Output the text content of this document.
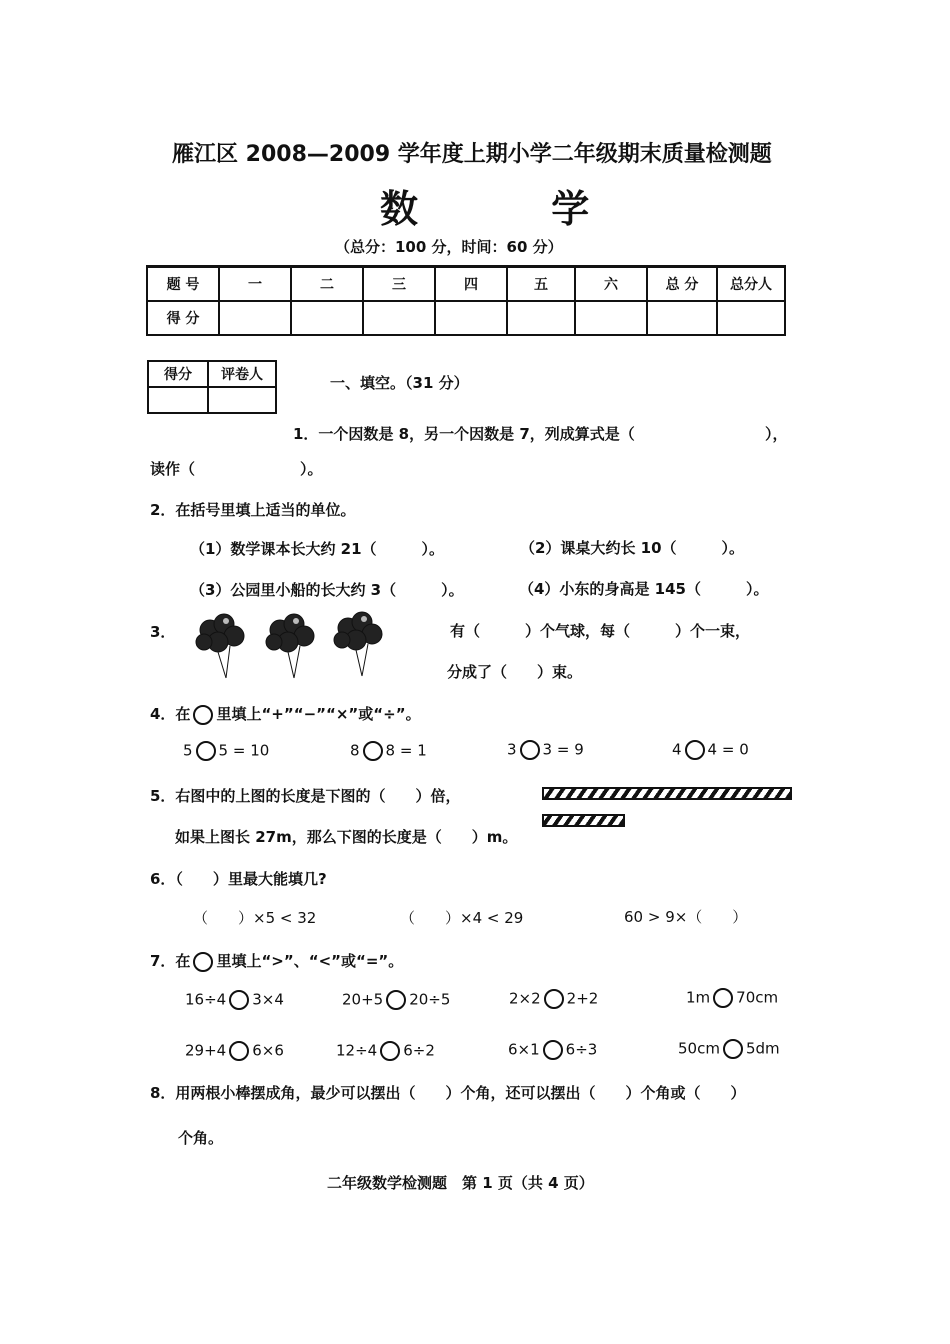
雁江区 2008—2009 学年度上期小学二年级期末质量检测题
数 学
（总分：100 分，时间：60 分）
题 号	一	二	三	四	五	六	总 分	总分人
得 分								
得分	评卷人
		一、填空。（31 分）
1．一个因数是 8，另一个因数是 7，列成算式是（	），
读作（	）。
2．在括号里填上适当的单位。
（1）数学课本长大约 21（　　　）。	（2）课桌大约长 10（　　　）。
（3）公园里小船的长大约 3（　　　）。	（4）小东的身高是 145（　　　）。
3．	有（　　　）个气球，每（　　　）个一束，
分成了（　　）束。
4．在 里填上“+”“−”“×”或“÷”。
5 5 = 10	8 8 = 1	3 3 = 9	4 4 = 0
5．右图中的上图的长度是下图的（　　）倍，
如果上图长 27m，那么下图的长度是（　　）m。
6．（　　）里最大能填几?
（　　）×5 < 32	（　　）×4 < 29	60 > 9×（　　）
7．在 里填上“>”、“<”或“=”。
16÷4 3×4	20+5 20÷5	2×2 2+2	1m 70cm
29+4 6×6	12÷4 6÷2	6×1 6÷3	50cm 5dm
8．用两根小棒摆成角，最少可以摆出（　　）个角，还可以摆出（　　）个角或（　　）
个角。
二年级数学检测题　第 1 页（共 4 页）
